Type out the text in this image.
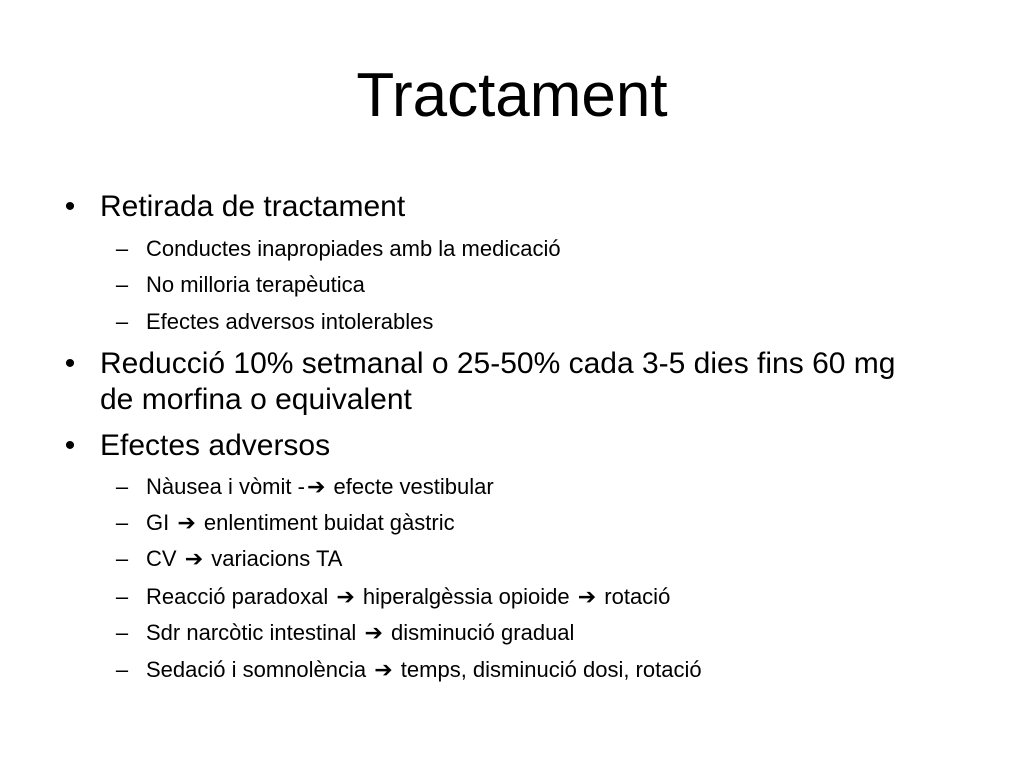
Tractament
• Retirada de tractament
– Conductes inapropiades amb la medicació
– No milloria terapèutica
– Efectes adversos intolerables
• Reducció 10% setmanal o 25-50% cada 3-5 dies fins 60 mg
de morfina o equivalent
• Efectes adversos
– Nàusea i vòmit -➔ efecte vestibular
– GI ➔ enlentiment buidat gàstric
– CV ➔ variacions TA
– Reacció paradoxal ➔ hiperalgèssia opioide ➔ rotació
– Sdr narcòtic intestinal ➔ disminució gradual
– Sedació i somnolència ➔ temps, disminució dosi, rotació
